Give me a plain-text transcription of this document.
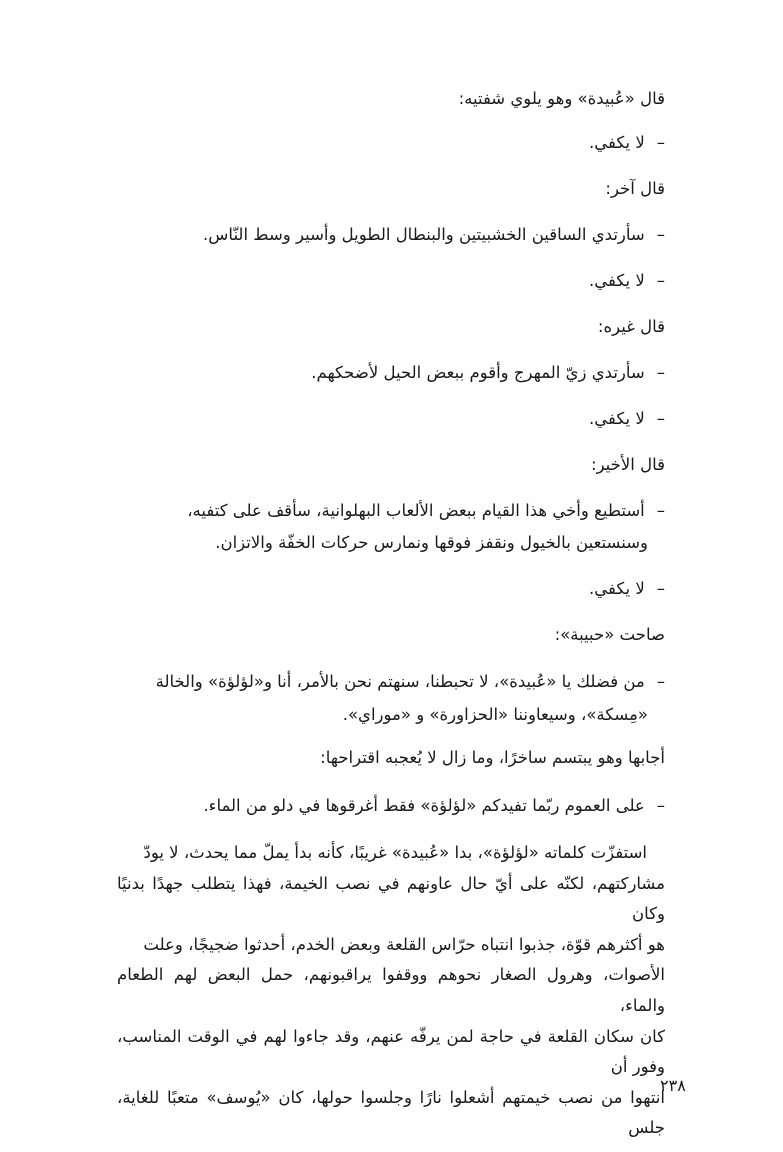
قال «عُبيدة» وهو يلوي شفتيه:
–لا يكفي.
قال آخر:
–سأرتدي الساقين الخشبيتين والبنطال الطويل وأسير وسط النّاس.
–لا يكفي.
قال غيره:
–سأرتدي زيّ المهرج وأقوم ببعض الحيل لأضحكهم.
–لا يكفي.
قال الأخير:
–أستطيع وأخي هذا القيام ببعض الألعاب البهلوانية، سأقف على كتفيه،
وسنستعين بالخيول ونقفز فوقها ونمارس حركات الخفّة والاتزان.
–لا يكفي.
صاحت «حبيبة»:
–من فضلك يا «عُبيدة»، لا تحبطنا، سنهتم نحن بالأمر، أنا و«لؤلؤة» والخالة
«مِسكة»، وسيعاوننا «الحزاورة» و «موراي».
أجابها وهو يبتسم ساخرًا، وما زال لا يُعجبه اقتراحها:
–على العموم ربّما تفيدكم «لؤلؤة» فقط أغرقوها في دلو من الماء.

استفزّت كلماته «لؤلؤة»، بدا «عُبيدة» غريبًا، كأنه بدأ يملّ مما يحدث، لا يودّ

مشاركتهم، لكنّه على أيّ حال عاونهم في نصب الخيمة، فهذا يتطلب جهدًا بدنيًا وكان

هو أكثرهم قوّة، جذبوا انتباه حرّاس القلعة وبعض الخدم، أحدثوا ضجيجًا، وعلت

الأصوات، وهرول الصغار نحوهم ووقفوا يراقبونهم، حمل البعض لهم الطعام والماء،

كان سكان القلعة في حاجة لمن يرفّه عنهم، وقد جاءوا لهم في الوقت المناسب، وفور أن

انتهوا من نصب خيمتهم أشعلوا نارًا وجلسوا حولها، كان «يُوسف» متعبًا للغاية، جلس

٢٣٨
